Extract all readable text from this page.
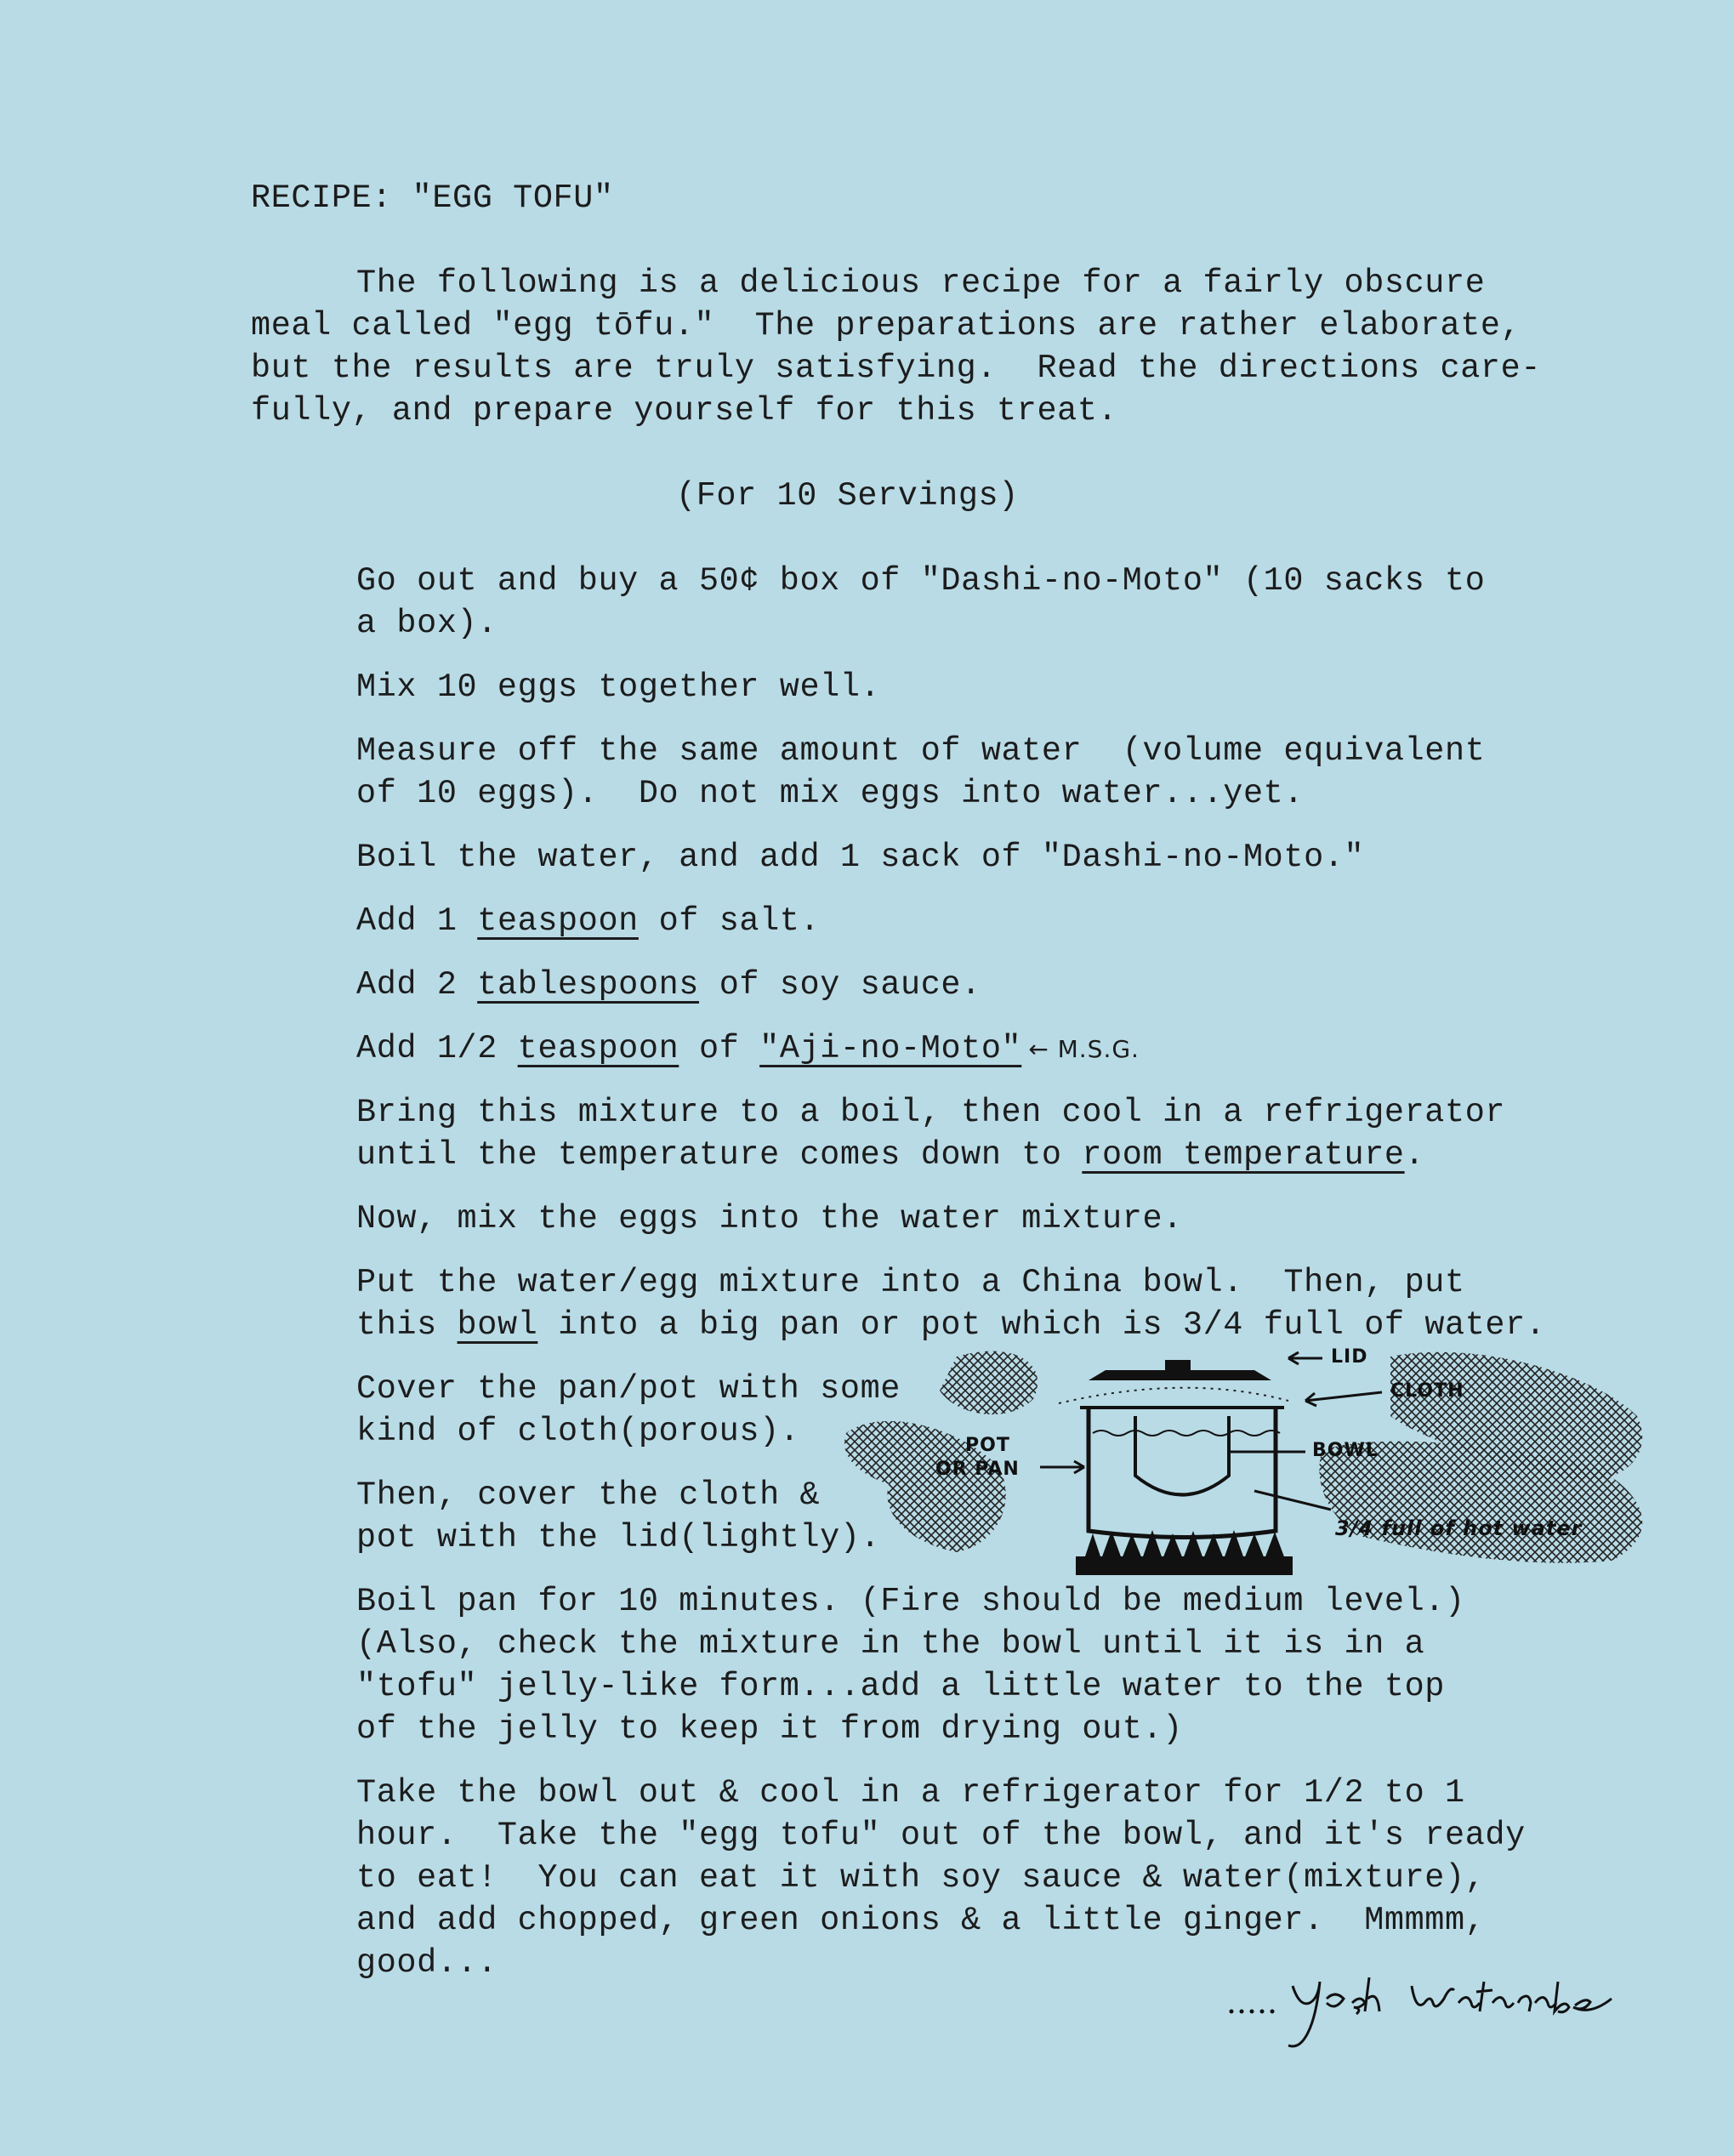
RECIPE: "EGG TOFU"
The following is a delicious recipe for a fairly obscure
meal called "egg tōfu."  The preparations are rather elaborate,
but the results are truly satisfying.  Read the directions care-
fully, and prepare yourself for this treat.
(For 10 Servings)
Go out and buy a 50¢ box of "Dashi-no-Moto" (10 sacks to
a box).
Mix 10 eggs together well.
Measure off the same amount of water  (volume equivalent
of 10 eggs).  Do not mix eggs into water...yet.
Boil the water, and add 1 sack of "Dashi-no-Moto."
Add 1 teaspoon of salt.
Add 2 tablespoons of soy sauce.
Add 1/2 teaspoon of "Aji-no-Moto" ← M.S.G.
Bring this mixture to a boil, then cool in a refrigerator
until the temperature comes down to room temperature.
Now, mix the eggs into the water mixture.
Put the water/egg mixture into a China bowl.  Then, put
this bowl into a big pan or pot which is 3/4 full of water.
Cover the pan/pot with some
kind of cloth(porous).
Then, cover the cloth &
pot with the lid(lightly).
Boil pan for 10 minutes. (Fire should be medium level.)
(Also, check the mixture in the bowl until it is in a
"tofu" jelly-like form...add a little water to the top
of the jelly to keep it from drying out.)
Take the bowl out & cool in a refrigerator for 1/2 to 1
hour.  Take the "egg tofu" out of the bowl, and it's ready
to eat!  You can eat it with soy sauce & water(mixture),
and add chopped, green onions & a little ginger.  Mmmmm,
good...
LID
CLOTH
BOWL
POT
OR PAN
3/4 full of hot water
